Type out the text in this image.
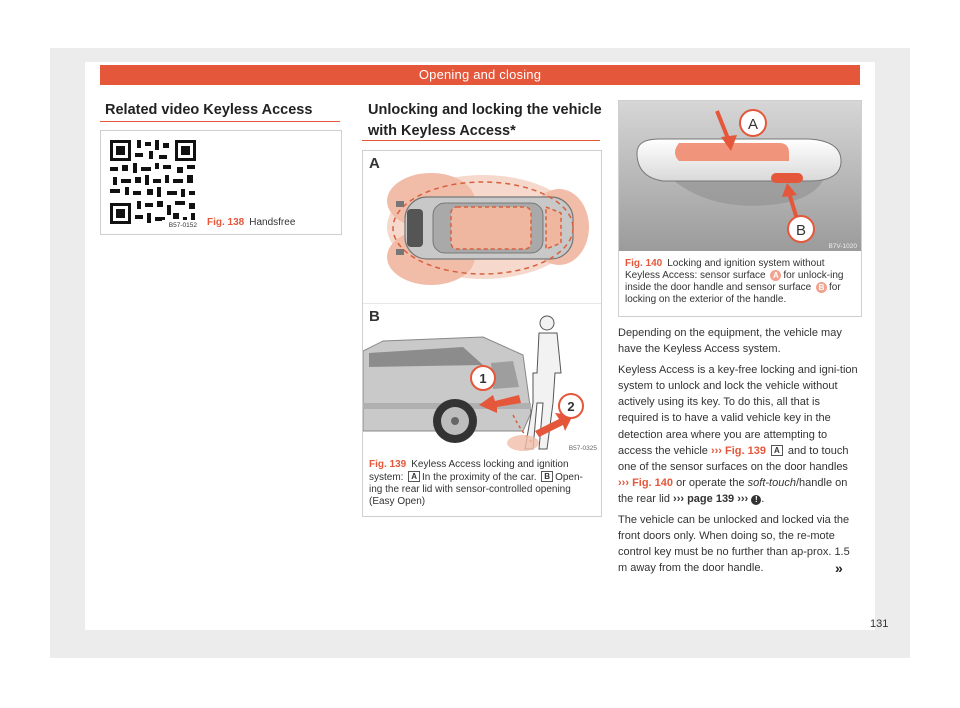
Opening and closing
Related video Keyless Access
B57-0152 Fig. 138 Handsfree
Unlocking and locking the vehicle
with Keyless Access*
A
B
1
2
B57-0325
Fig. 139 Keyless Access locking and ignition system: A In the proximity of the car. B Open-ing the rear lid with sensor-controlled opening (Easy Open)
A
B
B7V-1020
Fig. 140 Locking and ignition system without Keyless Access: sensor surface A for unlock-ing inside the door handle and sensor surface B for locking on the exterior of the handle.

Depending on the equipment, the vehicle may have the Keyless Access system.

Keyless Access is a key-free locking and igni-tion system to unlock and lock the vehicle without actively using its key. To do this, all that is required is to have a valid vehicle key in the detection area where you are attempting to access the vehicle ››› Fig. 139 A and to touch one of the sensor surfaces on the door handles ››› Fig. 140 or operate the soft-touch/handle on the rear lid ››› page 139 ››› ! .

The vehicle can be unlocked and locked via the front doors only. When doing so, the re-mote control key must be no further than ap-prox. 1.5 m away from the door handle.	»
131
